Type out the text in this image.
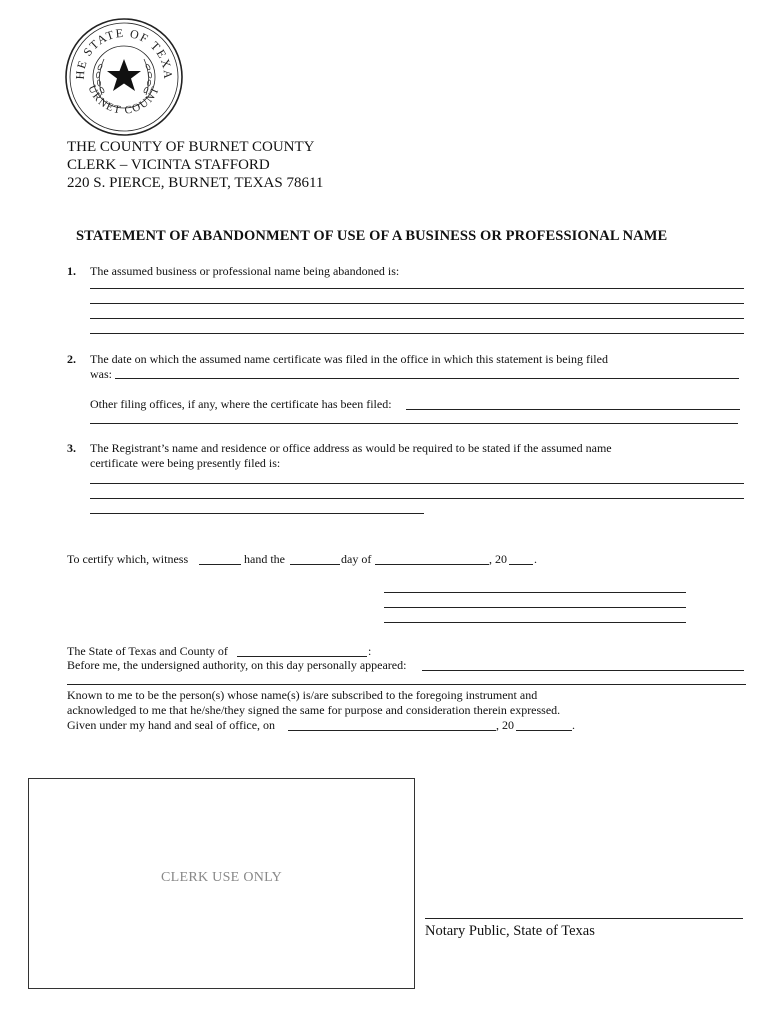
HE STATE OF TEXA
URNET COUNT
THE COUNTY OF BURNET COUNTY
CLERK – VICINTA STAFFORD
220 S. PIERCE, BURNET, TEXAS 78611
STATEMENT OF ABANDONMENT OF USE OF A BUSINESS OR PROFESSIONAL NAME
1. The assumed business or professional name being abandoned is:
2. The date on which the assumed name certificate was filed in the office in which this statement is being filed
was:
Other filing offices, if any, where the certificate has been filed:
3. The Registrant’s name and residence or office address as would be required to be stated if the assumed name
certificate were being presently filed is:
To certify which, witness	hand the	day of	, 20 .
The State of Texas and County of	:
Before me, the undersigned authority, on this day personally appeared:
Known to me to be the person(s) whose name(s) is/are subscribed to the foregoing instrument and
acknowledged to me that he/she/they signed the same for purpose and consideration therein expressed.
Given under my hand and seal of office, on	, 20	.
CLERK USE ONLY
Notary Public, State of Texas
